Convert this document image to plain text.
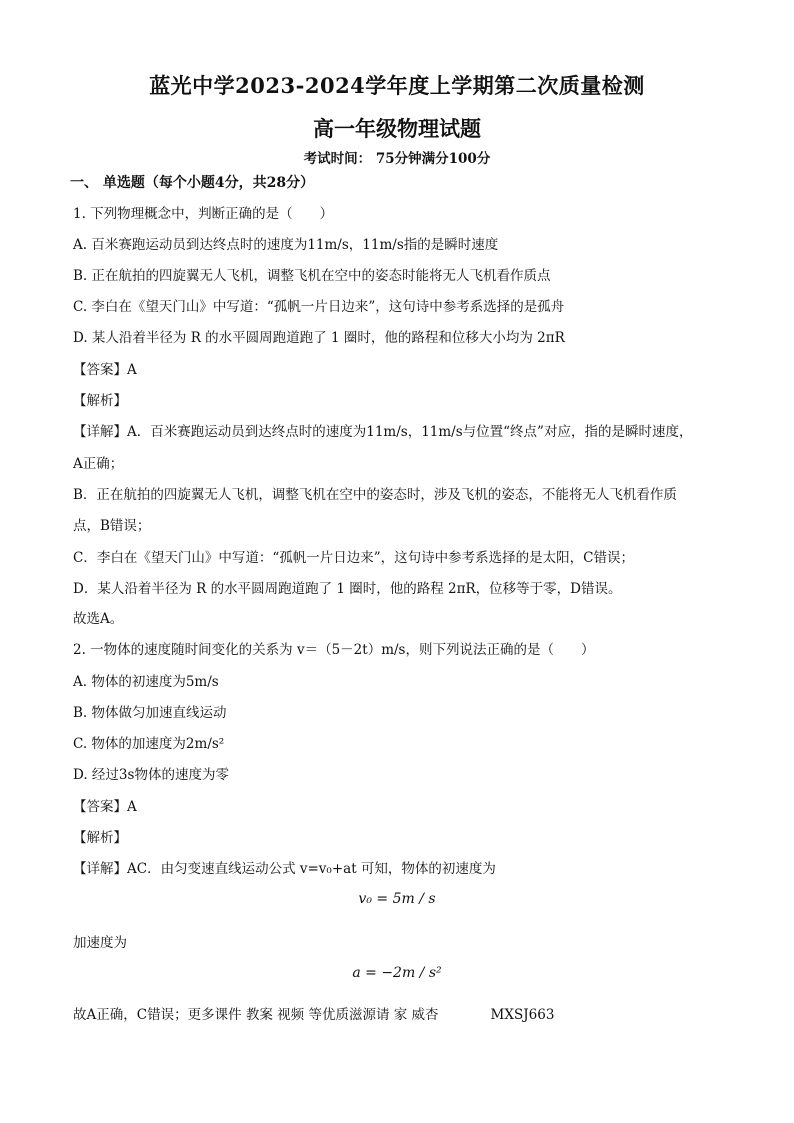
蓝光中学2023-2024学年度上学期第二次质量检测
高一年级物理试题
考试时间： 75分钟满分100分
一、 单选题（每个小题4分，共28分）
1. 下列物理概念中，判断正确的是（　　）
A. 百米赛跑运动员到达终点时的速度为11m/s，11m/s指的是瞬时速度
B. 正在航拍的四旋翼无人飞机，调整飞机在空中的姿态时能将无人飞机看作质点
C. 李白在《望天门山》中写道：“孤帆一片日边来”，这句诗中参考系选择的是孤舟
D. 某人沿着半径为 R 的水平圆周跑道跑了 1 圈时，他的路程和位移大小均为 2πR
【答案】A
【解析】
【详解】A．百米赛跑运动员到达终点时的速度为11m/s，11m/s与位置“终点”对应，指的是瞬时速度，
A正确；
B．正在航拍的四旋翼无人飞机，调整飞机在空中的姿态时，涉及飞机的姿态，不能将无人飞机看作质
点，B错误；
C．李白在《望天门山》中写道：“孤帆一片日边来”，这句诗中参考系选择的是太阳，C错误；
D．某人沿着半径为 R 的水平圆周跑道跑了 1 圈时，他的路程 2πR，位移等于零，D错误。
故选A。
2. 一物体的速度随时间变化的关系为 v＝（5－2t）m/s，则下列说法正确的是（　　）
A. 物体的初速度为5m/s
B. 物体做匀加速直线运动
C. 物体的加速度为2m/s²
D. 经过3s物体的速度为零
【答案】A
【解析】
【详解】AC．由匀变速直线运动公式 v=v₀+at 可知，物体的初速度为
v₀ = 5m / s
加速度为
a = −2m / s²
故A正确，C错误；更多课件 教案 视频 等优质滋源请 家 威杏	MXSJ663
